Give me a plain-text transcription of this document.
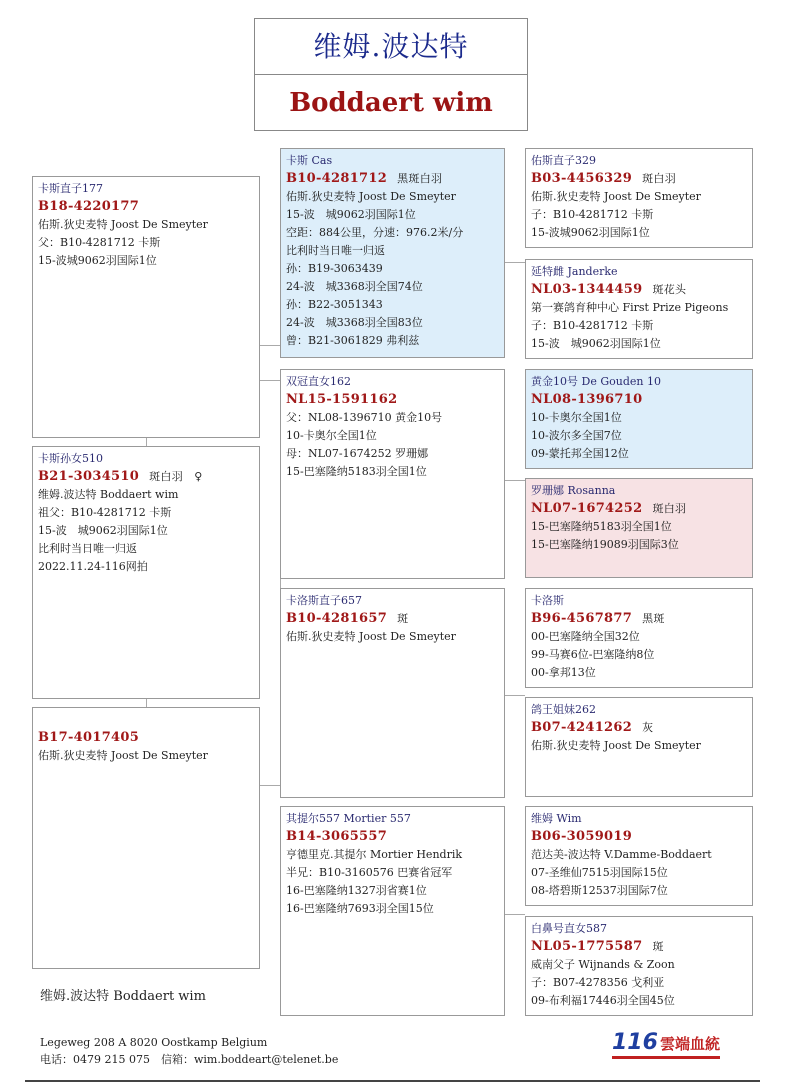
维姆.波达特
Boddaert wim
卡斯直子177
B18-4220177
佑斯.狄史麦特 Joost De Smeyter
父：B10-4281712 卡斯
15-波城9062羽国际1位
卡斯孙女510
B21-3034510 斑白羽　♀
维姆.波达特 Boddaert wim
祖父：B10-4281712 卡斯
15-波　城9062羽国际1位
比利时当日唯一归返
2022.11.24-116网拍

B17-4017405
佑斯.狄史麦特 Joost De Smeyter
卡斯 Cas
B10-4281712 黑斑白羽
佑斯.狄史麦特 Joost De Smeyter
15-波　城9062羽国际1位
空距：884公里，分速：976.2米/分
比利时当日唯一归返
孙：B19-3063439
24-波　城3368羽全国74位
孙：B22-3051343
24-波　城3368羽全国83位
曾：B21-3061829 弗利兹
双冠直女162
NL15-1591162
父：NL08-1396710 黄金10号
10-卡奥尔全国1位
母：NL07-1674252 罗珊娜
15-巴塞隆纳5183羽全国1位
卡洛斯直子657
B10-4281657 斑
佑斯.狄史麦特 Joost De Smeyter
其提尔557 Mortier 557
B14-3065557
亨德里克.其提尔 Mortier Hendrik
半兄：B10-3160576 巴赛省冠军
16-巴塞隆纳1327羽省赛1位
16-巴塞隆纳7693羽全国15位
佑斯直子329
B03-4456329 斑白羽
佑斯.狄史麦特 Joost De Smeyter
子：B10-4281712 卡斯
15-波城9062羽国际1位
延特雌 Janderke
NL03-1344459 斑花头
第一赛鸽育种中心 First Prize Pigeons
子：B10-4281712 卡斯
15-波　城9062羽国际1位
黄金10号 De Gouden 10
NL08-1396710
10-卡奥尔全国1位
10-波尔多全国7位
09-蒙托邦全国12位
罗珊娜 Rosanna
NL07-1674252 斑白羽
15-巴塞隆纳5183羽全国1位
15-巴塞隆纳19089羽国际3位
卡洛斯
B96-4567877 黑斑
00-巴塞隆纳全国32位
99-马赛6位-巴塞隆纳8位
00-拿邦13位
鸽王姐妹262
B07-4241262 灰
佑斯.狄史麦特 Joost De Smeyter
维姆 Wim
B06-3059019
范达美-波达特 V.Damme-Boddaert
07-圣维仙7515羽国际15位
08-塔碧斯12537羽国际7位
白鼻号直女587
NL05-1775587 斑
威南父子 Wijnands & Zoon
子：B07-4278356 戈利亚
09-布利福17446羽全国45位
维姆.波达特 Boddaert wim
Legeweg 208 A 8020 Oostkamp Belgium
电话：0479 215 075　信箱：wim.boddeart@telenet.be
116 雲端血統
